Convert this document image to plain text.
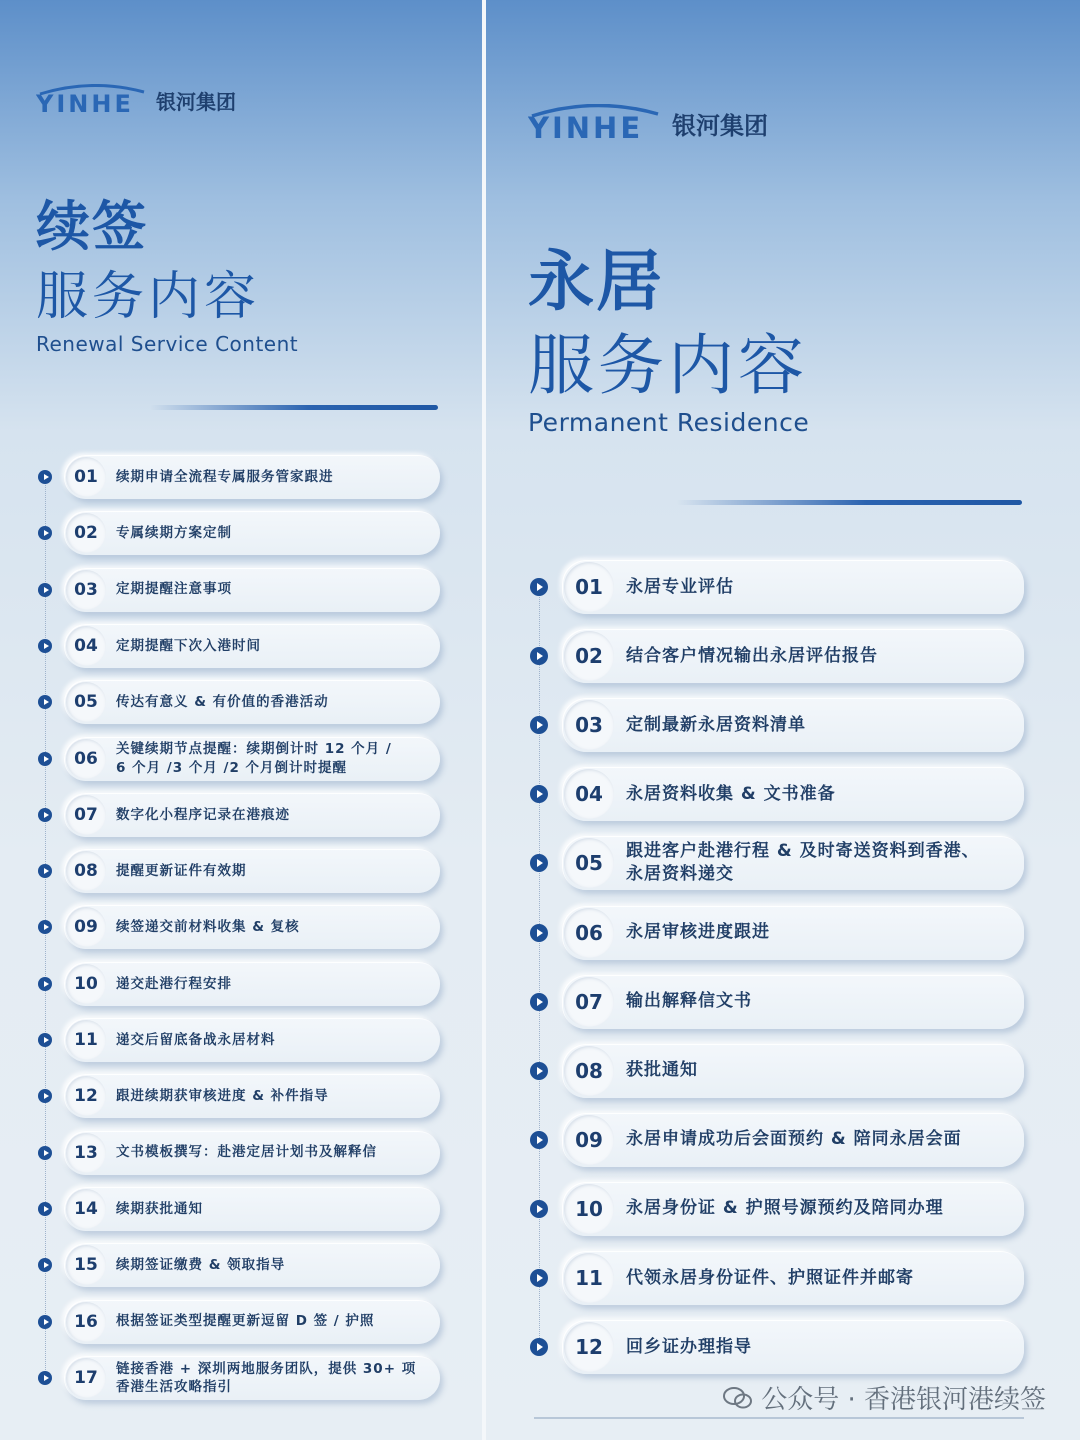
YINHE 银河集团
续签
服务内容
Renewal Service Content
01	续期申请全流程专属服务管家跟进
02	专属续期方案定制
03	定期提醒注意事项
04	定期提醒下次入港时间
05	传达有意义 & 有价值的香港活动
06	关键续期节点提醒：续期倒计时 12 个月 /
6 个月 /3 个月 /2 个月倒计时提醒
07	数字化小程序记录在港痕迹
08	提醒更新证件有效期
09	续签递交前材料收集 & 复核
10	递交赴港行程安排
11	递交后留底备战永居材料
12	跟进续期获审核进度 & 补件指导
13	文书模板撰写：赴港定居计划书及解释信
14	续期获批通知
15	续期签证缴费 & 领取指导
16	根据签证类型提醒更新逗留 D 签 / 护照
17	链接香港 + 深圳两地服务团队，提供 30+ 项
香港生活攻略指引
YINHE 银河集团
永居
服务内容
Permanent Residence
01	永居专业评估
02	结合客户情况输出永居评估报告
03	定制最新永居资料清单
04	永居资料收集 & 文书准备
05	跟进客户赴港行程 & 及时寄送资料到香港、
永居资料递交
06	永居审核进度跟进
07	输出解释信文书
08	获批通知
09	永居申请成功后会面预约 & 陪同永居会面
10	永居身份证 & 护照号源预约及陪同办理
11	代领永居身份证件、护照证件并邮寄
12	回乡证办理指导
公众号 · 香港银河港续签
